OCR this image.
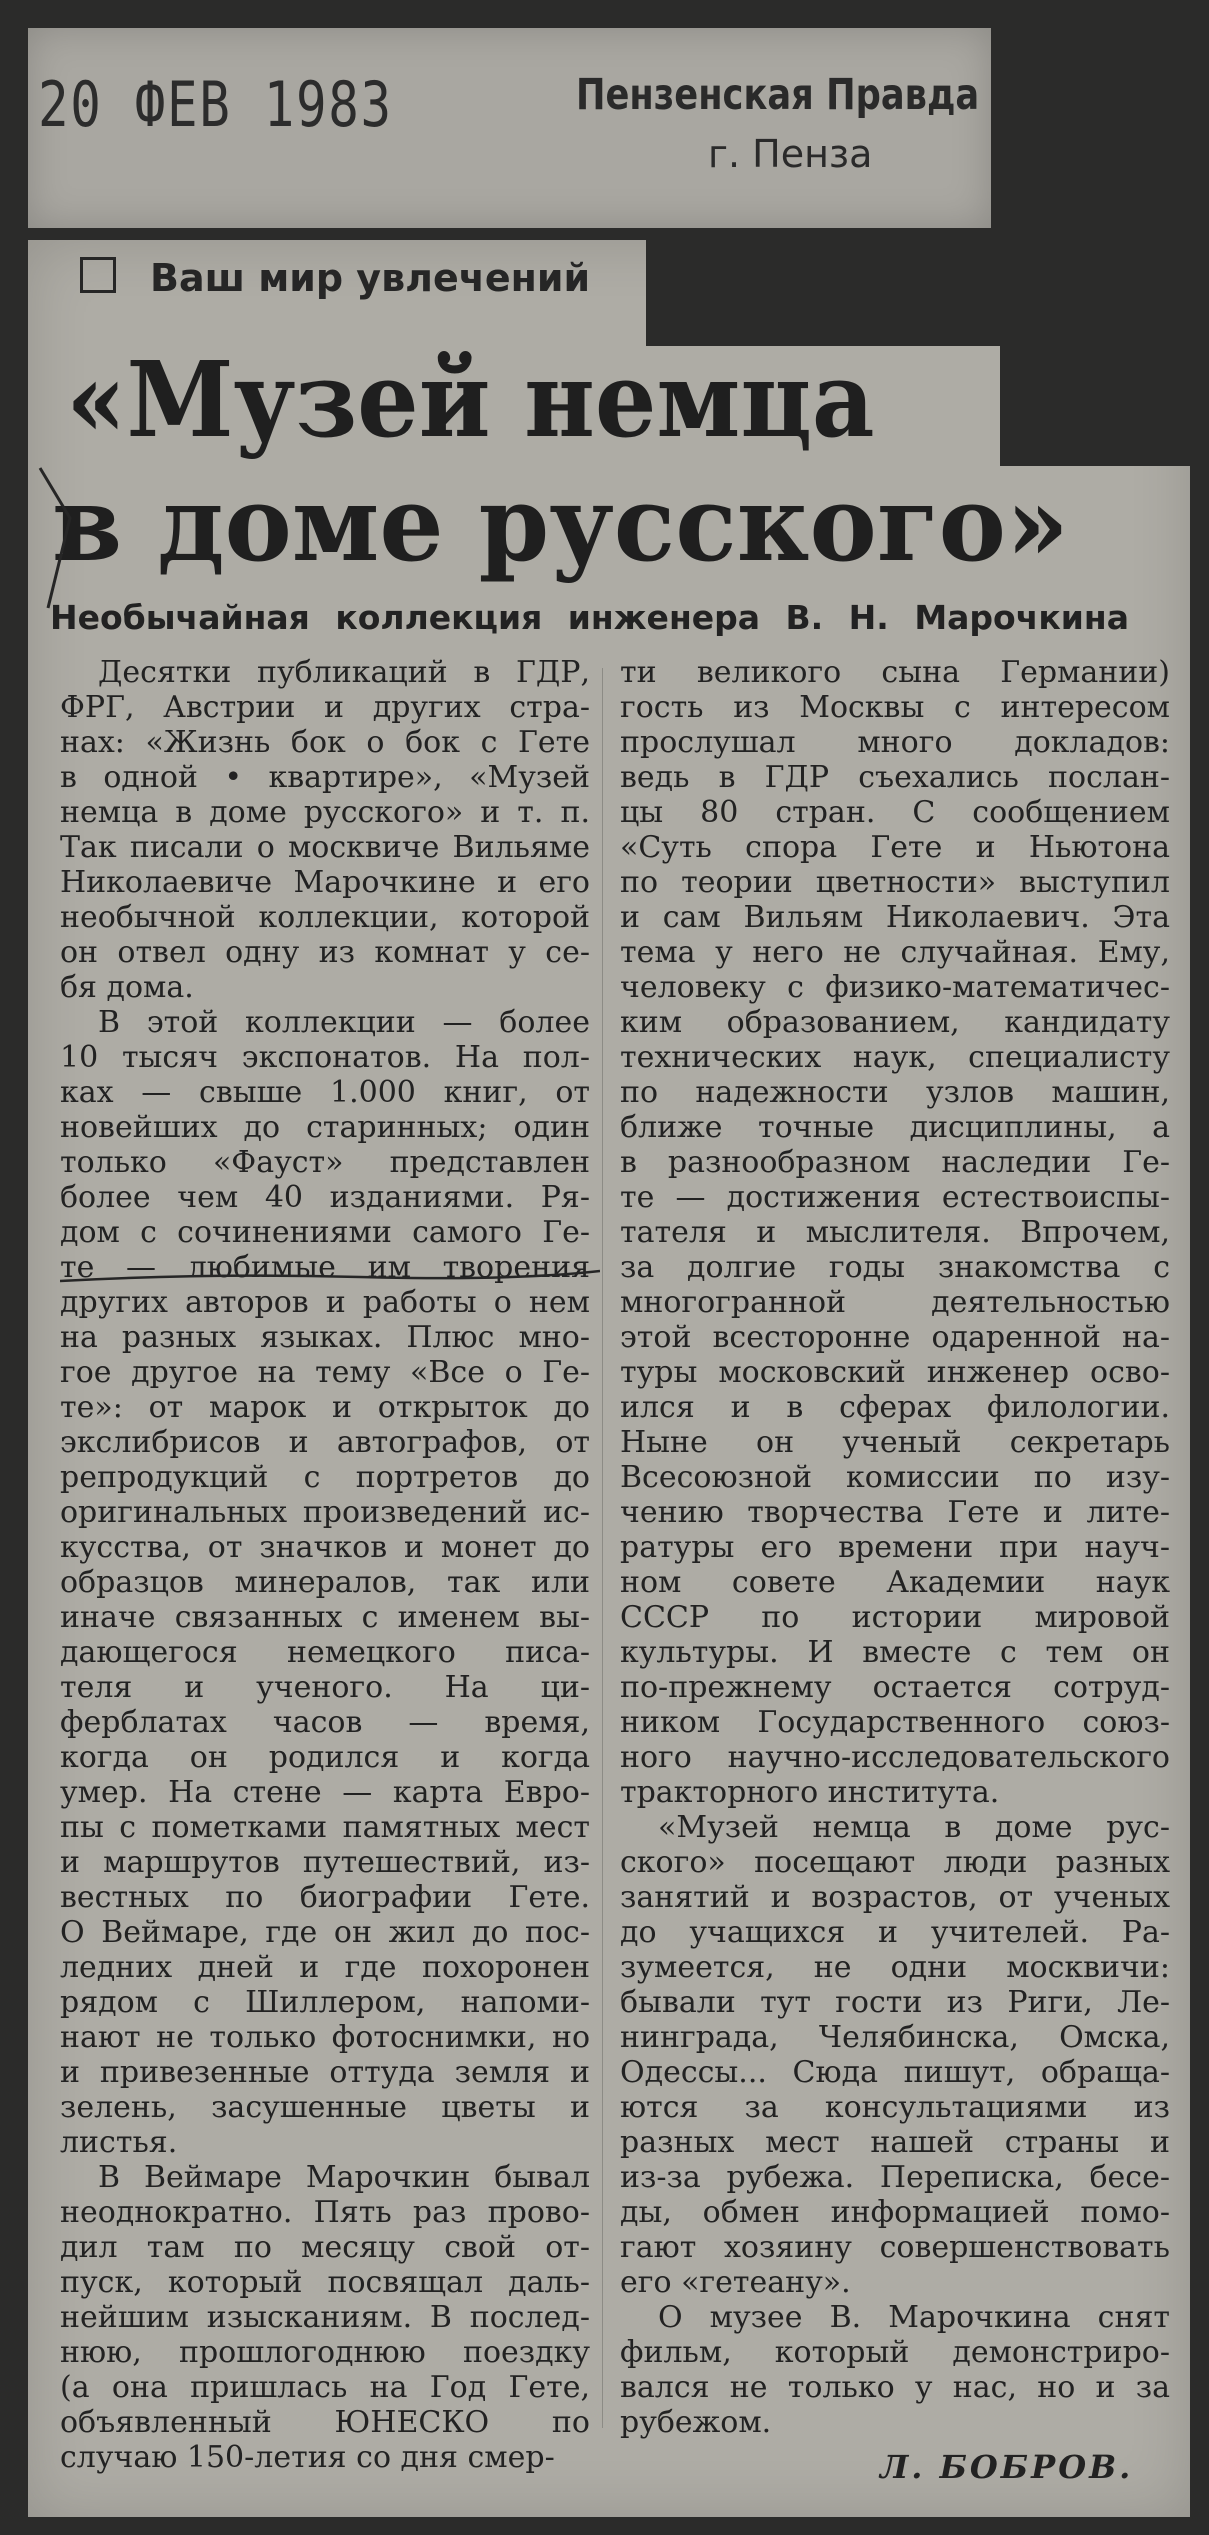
20 ФЕВ 1983	Пензенская Правда
г. Пенза
Ваш мир увлечений
«Музей немца
в доме русского»
Необычайная коллекция инженера В. Н. Марочкина
Десятки публикаций в ГДР,
ФРГ, Австрии и других стра-
нах: «Жизнь бок о бок с Гете
в одной • квартире», «Музей
немца в доме русского» и т. п.
Так писали о москвиче Вильяме
Николаевиче Марочкине и его
необычной коллекции, которой
он отвел одну из комнат у се-
бя дома.
В этой коллекции — более
10 тысяч экспонатов. На пол-
ках — свыше 1.000 книг, от
новейших до старинных; один
только «Фауст» представлен
более чем 40 изданиями. Ря-
дом с сочинениями самого Ге-
те — любимые им творения
других авторов и работы о нем
на разных языках. Плюс мно-
гое другое на тему «Все о Ге-
те»: от марок и открыток до
экслибрисов и автографов, от
репродукций с портретов до
оригинальных произведений ис-
кусства, от значков и монет до
образцов минералов, так или
иначе связанных с именем вы-
дающегося немецкого писа-
теля и ученого. На ци-
ферблатах часов — время,
когда он родился и когда
умер. На стене — карта Евро-
пы с пометками памятных мест
и маршрутов путешествий, из-
вестных по биографии Гете.
О Веймаре, где он жил до пос-
ледних дней и где похоронен
рядом с Шиллером, напоми-
нают не только фотоснимки, но
и привезенные оттуда земля и
зелень, засушенные цветы и
листья.
В Веймаре Марочкин бывал
неоднократно. Пять раз прово-
дил там по месяцу свой от-
пуск, который посвящал даль-
нейшим изысканиям. В послед-
нюю, прошлогоднюю поездку
(а она пришлась на Год Гете,
объявленный ЮНЕСКО по
случаю 150-летия со дня смер-
ти великого сына Германии)
гость из Москвы с интересом
прослушал много докладов:
ведь в ГДР съехались послан-
цы 80 стран. С сообщением
«Суть спора Гете и Ньютона
по теории цветности» выступил
и сам Вильям Николаевич. Эта
тема у него не случайная. Ему,
человеку с физико-математичес-
ким образованием, кандидату
технических наук, специалисту
по надежности узлов машин,
ближе точные дисциплины, а
в разнообразном наследии Ге-
те — достижения естествоиспы-
тателя и мыслителя. Впрочем,
за долгие годы знакомства с
многогранной деятельностью
этой всесторонне одаренной на-
туры московский инженер осво-
ился и в сферах филологии.
Ныне он ученый секретарь
Всесоюзной комиссии по изу-
чению творчества Гете и лите-
ратуры его времени при науч-
ном совете Академии наук
СССР по истории мировой
культуры. И вместе с тем он
по-прежнему остается сотруд-
ником Государственного союз-
ного научно-исследовательского
тракторного института.
«Музей немца в доме рус-
ского» посещают люди разных
занятий и возрастов, от ученых
до учащихся и учителей. Ра-
зумеется, не одни москвичи:
бывали тут гости из Риги, Ле-
нинграда, Челябинска, Омска,
Одессы... Сюда пишут, обраща-
ются за консультациями из
разных мест нашей страны и
из-за рубежа. Переписка, бесе-
ды, обмен информацией помо-
гают хозяину совершенствовать
его «гетеану».
О музее В. Марочкина снят
фильм, который демонстриро-
вался не только у нас, но и за
рубежом.
Л. БОБРОВ.
